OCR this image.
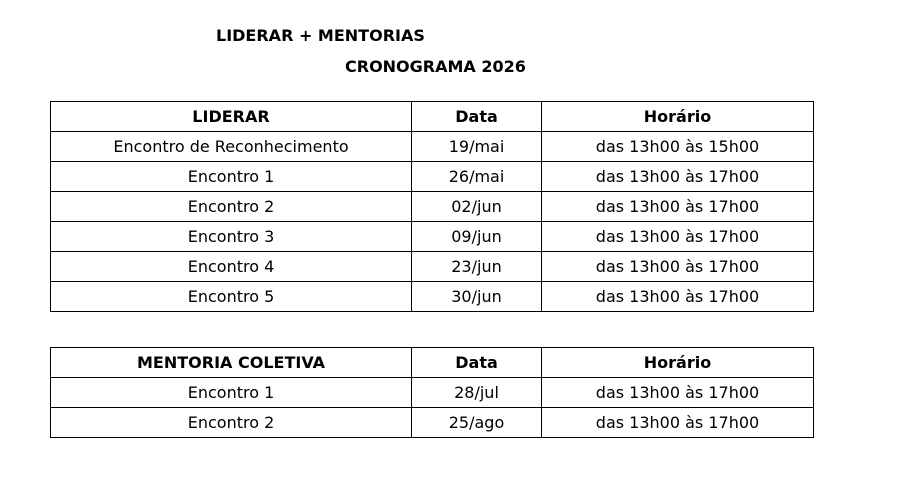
LIDERAR + MENTORIAS
CRONOGRAMA 2026
LIDERAR	Data	Horário
Encontro de Reconhecimento	19/mai	das 13h00 às 15h00
Encontro 1	26/mai	das 13h00 às 17h00
Encontro 2	02/jun	das 13h00 às 17h00
Encontro 3	09/jun	das 13h00 às 17h00
Encontro 4	23/jun	das 13h00 às 17h00
Encontro 5	30/jun	das 13h00 às 17h00
MENTORIA COLETIVA	Data	Horário
Encontro 1	28/jul	das 13h00 às 17h00
Encontro 2	25/ago	das 13h00 às 17h00
